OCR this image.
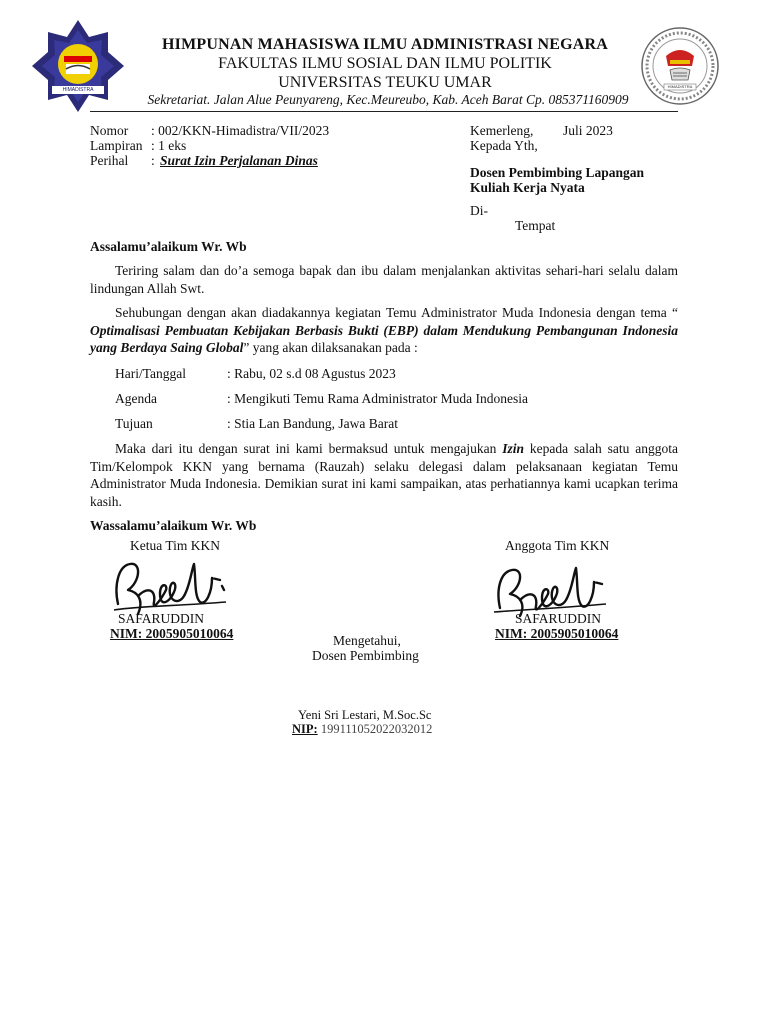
HIMADISTRA
HIMADISTRA
HIMPUNAN MAHASISWA ILMU ADMINISTRASI NEGARA
FAKULTAS ILMU SOSIAL DAN ILMU POLITIK
UNIVERSITAS TEUKU UMAR
Sekretariat. Jalan Alue Peunyareng, Kec.Meureubo, Kab. Aceh Barat Cp. 085371160909
Nomor : 002/KKN-Himadistra/VII/2023
Lampiran : 1 eks
Perihal : Surat Izin Perjalanan Dinas
Kemerleng, Juli 2023
Kepada Yth,
Dosen Pembimbing Lapangan
Kuliah Kerja Nyata
Di-
Tempat
Assalamu’alaikum Wr. Wb
Teriring salam dan do’a semoga bapak dan ibu dalam menjalankan aktivitas sehari-hari selalu dalam lindungan Allah Swt.
Sehubungan dengan akan diadakannya kegiatan Temu Administrator Muda Indonesia dengan tema “ Optimalisasi Pembuatan Kebijakan Berbasis Bukti (EBP) dalam Mendukung Pembangunan Indonesia yang Berdaya Saing Global” yang akan dilaksanakan pada :
Hari/Tanggal	: Rabu, 02 s.d 08 Agustus 2023
Agenda	: Mengikuti Temu Rama Administrator Muda Indonesia
Tujuan	: Stia Lan Bandung, Jawa Barat
Maka dari itu dengan surat ini kami bermaksud untuk mengajukan Izin kepada salah satu anggota Tim/Kelompok KKN yang bernama (Rauzah) selaku delegasi dalam pelaksanaan kegiatan Temu Administrator Muda Indonesia. Demikian surat ini kami sampaikan, atas perhatiannya kami ucapkan terima kasih.
Wassalamu’alaikum Wr. Wb
Ketua Tim KKN
SAFARUDDIN
NIM: 2005905010064
Anggota Tim KKN
SAFARUDDIN
NIM: 2005905010064
Mengetahui,
Dosen Pembimbing
Yeni Sri Lestari, M.Soc.Sc
NIP: 199111052022032012
